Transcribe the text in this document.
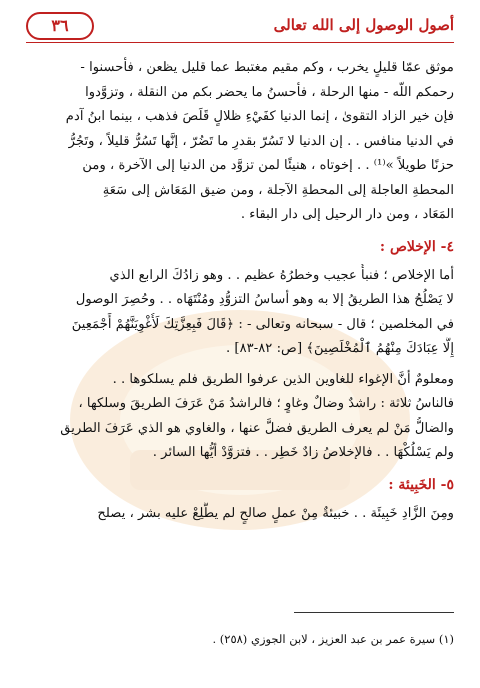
أصول الوصول إلى الله تعالى
٣٦

موثق عمّا قليلٍ يخرب ، وكم مقيم مغتبط عما قليل يظعن ، فأحسنوا -
رحمكم اللّه - منها الرحلة ، فأحسنُ ما يحضر بكم من النقلة ، وتزوَّدوا
فإن خير الزاد التقوىٰ ، إنما الدنيا كفَيْءِ ظلالٍ قَلَصَ فذهب ، بينما ابنُ آدم
في الدنيا منافس . . إن الدنيا لا تَسُرّ بقدرِ ما تَضُرّ ، إنَّها تَسُرُّ قليلاً ، وتَجُرُّ
حزنًا طويلاً »⁽¹⁾ . . إخوتاه ، هنيئًا لمن تزوَّد من الدنيا إلى الآخرة ، ومن
المحطةِ العاجلة إلى المحطةِ الآجلة ، ومن ضيق المَعَاش إلى سَعَةِ
المَعَاد ، ومن دار الرحيل إلى دار البقاء .

٤- الإخلاص :

أما الإخلاص ؛ فنبأٌ عجيب وخطرُهُ عظيم . . وهو زادُكَ الرابع الذي
لا يَصْلُحُ هذا الطريقُ إلا به وهو أساسُ التزوُّدِ ومُنْتَهَاه . . وحُصِرَ الوصول
في المخلصين ؛ قال - سبحانه وتعالى - : ﴿قَالَ فَبِعِزَّتِكَ لَأُغْوِيَنَّهُمْ أَجْمَعِينَ
إِلَّا عِبَادَكَ مِنْهُمُ ٱلْمُخْلَصِينَ﴾ [ص: ٨٢-٨٣] .

ومعلومٌ أنَّ الإغواء للغاوين الذين عرفوا الطريق فلم يسلكوها . .
فالناسُ ثلاثة : راشدٌ وضالٌ وغاوٍ ؛ فالراشدُ مَنْ عَرَفَ الطريقَ وسلكها ،
والضالُّ مَنْ لم يعرف الطريق فضلَّ عنها ، والغاوي هو الذي عَرَفَ الطريق
ولم يَسْلُكْهَا . . فالإخلاصُ زادٌ خَطِر . . فتزوَّدْ أيُّها السائر .

٥- الخَبِيئة :

ومِنَ الزَّادِ خَبِيئَة . . خبيئةٌ مِنْ عملٍ صالحٍ لم يطَّلِعْ عليه بشر ، يصلح

(١) سيرة عمر بن عبد العزيز ، لابن الجوزي (٢٥٨) .
